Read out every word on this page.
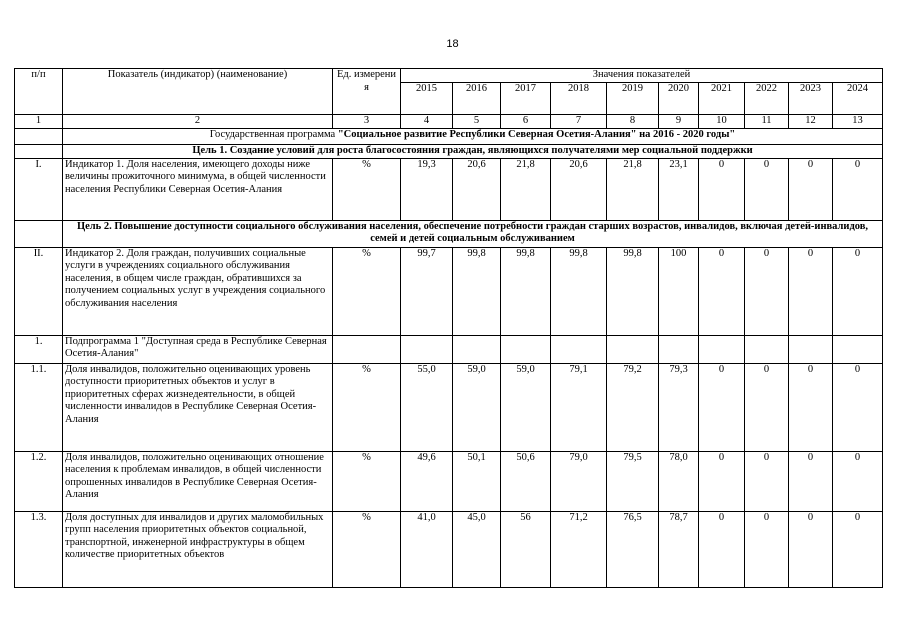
18
п/п	Показатель (индикатор) (наименование)	Ед. измерени я	Значения показателей										
			2015	2016	2017	2018	2019	2020	2021	2022	2023	2024	
1	2	3	4	5	6	7	8	9	10	11	12	13	
	Государственная программа "Социальное развитие Республики Северная Осетия-Алания" на 2016 - 2020 годы"												
	Цель 1. Создание условий для роста благосостояния граждан, являющихся получателями мер социальной поддержки												
I.	Индикатор 1. Доля населения, имеющего доходы ниже величины прожиточного минимума, в общей численности населения Республики Северная Осетия-Алания	%	19,3	20,6	21,8	20,6	21,8	23,1	0	0	0	0	
	Цель 2. Повышение доступности социального обслуживания населения, обеспечение потребности граждан старших возрастов, инвалидов, включая детей-инвалидов, семей и детей социальным обслуживанием												
II.	Индикатор 2. Доля граждан, получивших социальные услуги в учреждениях социального обслуживания населения, в общем числе граждан, обратившихся за получением социальных услуг в учреждения социального обслуживания населения	%	99,7	99,8	99,8	99,8	99,8	100	0	0	0	0	
1.	Подпрограмма 1 "Доступная среда в Республике Северная Осетия-Алания"												
1.1.	Доля инвалидов, положительно оценивающих уровень доступности приоритетных объектов и услуг в приоритетных сферах жизнедеятельности, в общей численности инвалидов в Республике Северная Осетия-Алания	%	55,0	59,0	59,0	79,1	79,2	79,3	0	0	0	0	
1.2.	Доля инвалидов, положительно оценивающих отношение населения к проблемам инвалидов, в общей численности опрошенных инвалидов в Республике Северная Осетия-Алания	%	49,6	50,1	50,6	79,0	79,5	78,0	0	0	0	0	
1.3.	Доля доступных для инвалидов и других маломобильных групп населения приоритетных объектов социальной, транспортной, инженерной инфраструктуры в общем количестве приоритетных объектов	%	41,0	45,0	56	71,2	76,5	78,7	0	0	0	0	
